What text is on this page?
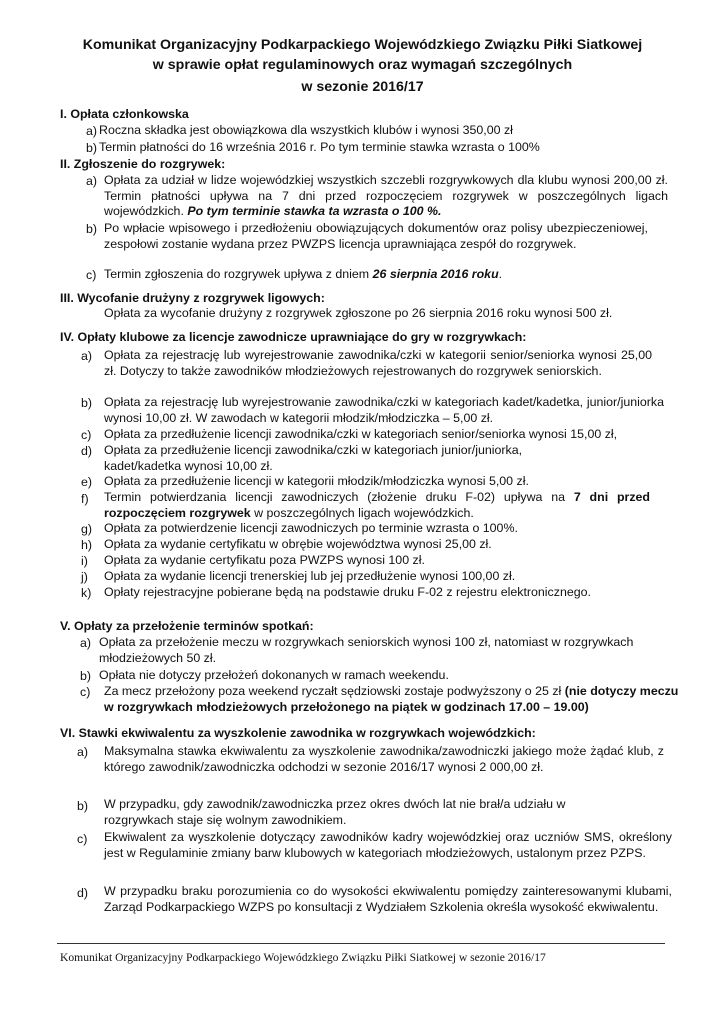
Komunikat Organizacyjny Podkarpackiego Wojewódzkiego Związku Piłki Siatkowej
w sprawie opłat regulaminowych oraz wymagań szczególnych
w sezonie 2016/17
I. Opłata członkowska
a) Roczna składka jest obowiązkowa dla wszystkich klubów i wynosi 350,00 zł
b) Termin płatności do 16 września 2016 r. Po tym terminie stawka wzrasta o 100%
II. Zgłoszenie do rozgrywek:
a) Opłata za udział w lidze wojewódzkiej wszystkich szczebli rozgrywkowych dla klubu wynosi 200,00 zł. Termin płatności upływa na 7 dni przed rozpoczęciem rozgrywek w poszczególnych ligach wojewódzkich. Po tym terminie stawka ta wzrasta o 100 %.
b) Po wpłacie wpisowego i przedłożeniu obowiązujących dokumentów oraz polisy ubezpieczeniowej, zespołowi zostanie wydana przez PWZPS licencja uprawniająca zespół do rozgrywek.
c) Termin zgłoszenia do rozgrywek upływa z dniem 26 sierpnia 2016 roku.
III. Wycofanie drużyny z rozgrywek ligowych:
Opłata za wycofanie drużyny z rozgrywek zgłoszone po 26 sierpnia 2016 roku wynosi 500 zł.
IV. Opłaty klubowe za licencje zawodnicze uprawniające do gry w rozgrywkach:
a) Opłata za rejestrację lub wyrejestrowanie zawodnika/czki w kategorii senior/seniorka wynosi 25,00 zł. Dotyczy to także zawodników młodzieżowych rejestrowanych do rozgrywek seniorskich.
b) Opłata za rejestrację lub wyrejestrowanie zawodnika/czki w kategoriach kadet/kadetka, junior/juniorka wynosi 10,00 zł. W zawodach w kategorii młodzik/młodziczka – 5,00 zł.
c) Opłata za przedłużenie licencji zawodnika/czki w kategoriach senior/seniorka wynosi 15,00 zł,
d) Opłata za przedłużenie licencji zawodnika/czki w kategoriach junior/juniorka, kadet/kadetka wynosi 10,00 zł.
e) Opłata za przedłużenie licencji w kategorii młodzik/młodziczka wynosi 5,00 zł.
f) Termin potwierdzania licencji zawodniczych (złożenie druku F-02) upływa na 7 dni przed rozpoczęciem rozgrywek w poszczególnych ligach wojewódzkich.
g) Opłata za potwierdzenie licencji zawodniczych po terminie wzrasta o 100%.
h) Opłata za wydanie certyfikatu w obrębie województwa wynosi 25,00 zł.
i) Opłata za wydanie certyfikatu poza PWZPS wynosi 100 zł.
j) Opłata za wydanie licencji trenerskiej lub jej przedłużenie wynosi 100,00 zł.
k) Opłaty rejestracyjne pobierane będą na podstawie druku F-02 z rejestru elektronicznego.
V. Opłaty za przełożenie terminów spotkań:
a) Opłata za przełożenie meczu w rozgrywkach seniorskich wynosi 100 zł, natomiast w rozgrywkach młodzieżowych 50 zł.
b) Opłata nie dotyczy przełożeń dokonanych w ramach weekendu.
c) Za mecz przełożony poza weekend ryczałt sędziowski zostaje podwyższony o 25 zł (nie dotyczy meczu w rozgrywkach młodzieżowych przełożonego na piątek w godzinach 17.00 – 19.00)
VI. Stawki ekwiwalentu za wyszkolenie zawodnika w rozgrywkach wojewódzkich:
a) Maksymalna stawka ekwiwalentu za wyszkolenie zawodnika/zawodniczki jakiego może żądać klub, z którego zawodnik/zawodniczka odchodzi w sezonie 2016/17 wynosi 2 000,00 zł.
b) W przypadku, gdy zawodnik/zawodniczka przez okres dwóch lat nie brał/a udziału w rozgrywkach staje się wolnym zawodnikiem.
c) Ekwiwalent za wyszkolenie dotyczący zawodników kadry wojewódzkiej oraz uczniów SMS, określony jest w Regulaminie zmiany barw klubowych w kategoriach młodzieżowych, ustalonym przez PZPS.
d) W przypadku braku porozumienia co do wysokości ekwiwalentu pomiędzy zainteresowanymi klubami, Zarząd Podkarpackiego WZPS po konsultacji z Wydziałem Szkolenia określa wysokość ekwiwalentu.
Komunikat Organizacyjny Podkarpackiego Wojewódzkiego Związku Piłki Siatkowej w sezonie 2016/17
